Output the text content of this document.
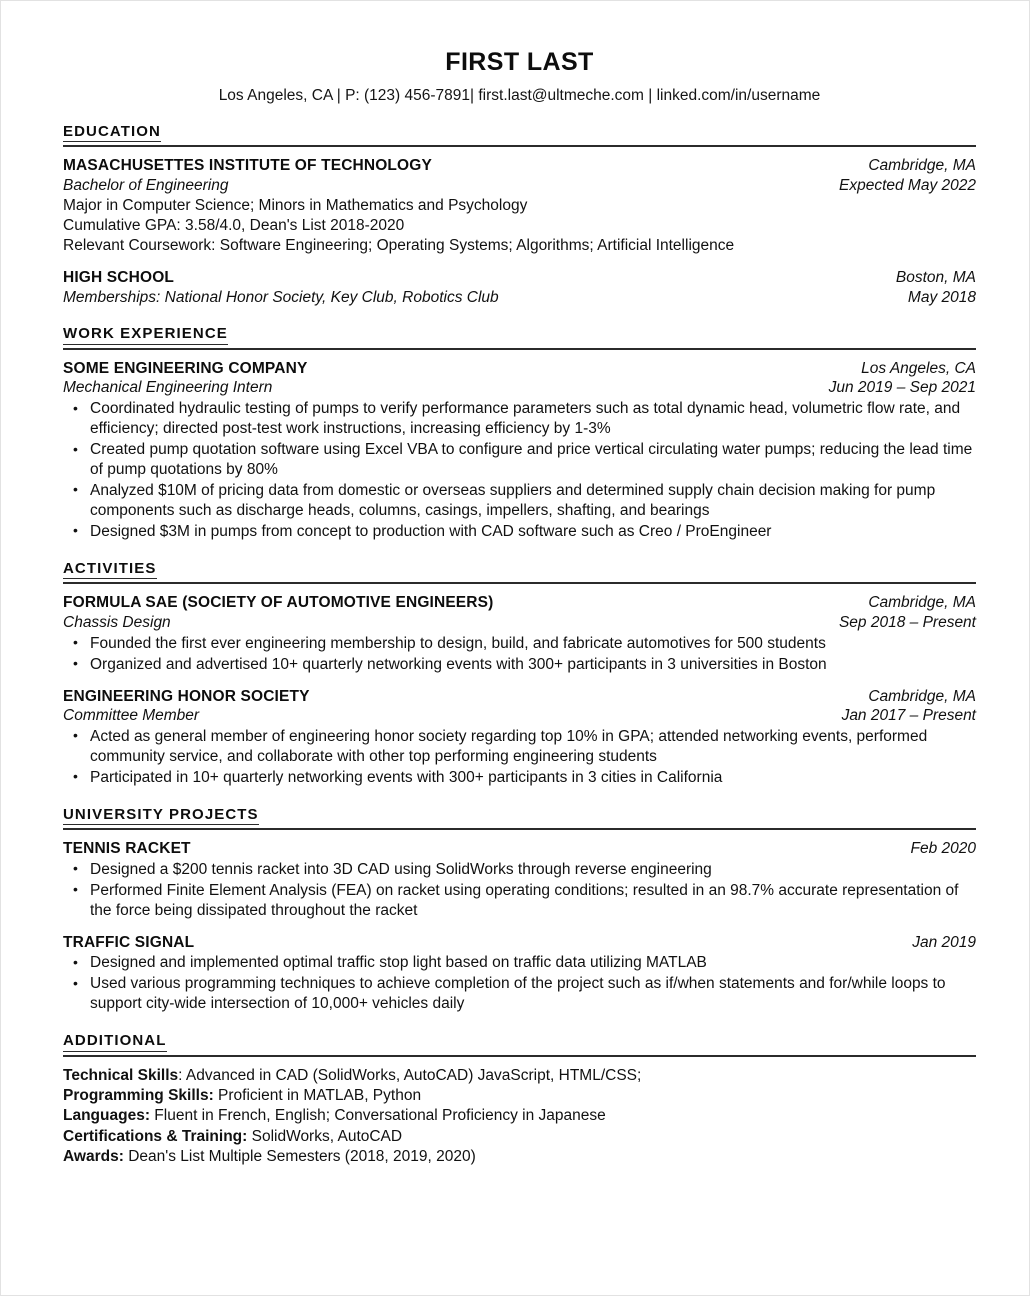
FIRST LAST
Los Angeles, CA | P: (123) 456-7891| first.last@ultmeche.com | linked.com/in/username
EDUCATION
MASACHUSETTES INSTITUTE OF TECHNOLOGY	Cambridge, MA
Bachelor of Engineering	Expected May 2022
Major in Computer Science; Minors in Mathematics and Psychology
Cumulative GPA: 3.58/4.0, Dean's List 2018-2020
Relevant Coursework: Software Engineering; Operating Systems; Algorithms; Artificial Intelligence
HIGH SCHOOL	Boston, MA
Memberships: National Honor Society, Key Club, Robotics Club	May 2018
WORK EXPERIENCE
SOME ENGINEERING COMPANY	Los Angeles, CA
Mechanical Engineering Intern	Jun 2019 – Sep 2021
• Coordinated hydraulic testing of pumps to verify performance parameters such as total dynamic head, volumetric flow rate, and efficiency; directed post-test work instructions, increasing efficiency by 1-3%
• Created pump quotation software using Excel VBA to configure and price vertical circulating water pumps; reducing the lead time of pump quotations by 80%
• Analyzed $10M of pricing data from domestic or overseas suppliers and determined supply chain decision making for pump components such as discharge heads, columns, casings, impellers, shafting, and bearings
• Designed $3M in pumps from concept to production with CAD software such as Creo / ProEngineer
ACTIVITIES
FORMULA SAE (SOCIETY OF AUTOMOTIVE ENGINEERS)	Cambridge, MA
Chassis Design	Sep 2018 – Present
• Founded the first ever engineering membership to design, build, and fabricate automotives for 500 students
• Organized and advertised 10+ quarterly networking events with 300+ participants in 3 universities in Boston
ENGINEERING HONOR SOCIETY	Cambridge, MA
Committee Member	Jan 2017 – Present
• Acted as general member of engineering honor society regarding top 10% in GPA; attended networking events, performed community service, and collaborate with other top performing engineering students
• Participated in 10+ quarterly networking events with 300+ participants in 3 cities in California
UNIVERSITY PROJECTS
TENNIS RACKET	Feb 2020
• Designed a $200 tennis racket into 3D CAD using SolidWorks through reverse engineering
• Performed Finite Element Analysis (FEA) on racket using operating conditions; resulted in an 98.7% accurate representation of the force being dissipated throughout the racket
TRAFFIC SIGNAL	Jan 2019
• Designed and implemented optimal traffic stop light based on traffic data utilizing MATLAB
• Used various programming techniques to achieve completion of the project such as if/when statements and for/while loops to support city-wide intersection of 10,000+ vehicles daily
ADDITIONAL
Technical Skills: Advanced in CAD (SolidWorks, AutoCAD) JavaScript, HTML/CSS;
Programming Skills: Proficient in MATLAB, Python
Languages: Fluent in French, English; Conversational Proficiency in Japanese
Certifications & Training: SolidWorks, AutoCAD
Awards: Dean's List Multiple Semesters (2018, 2019, 2020)
